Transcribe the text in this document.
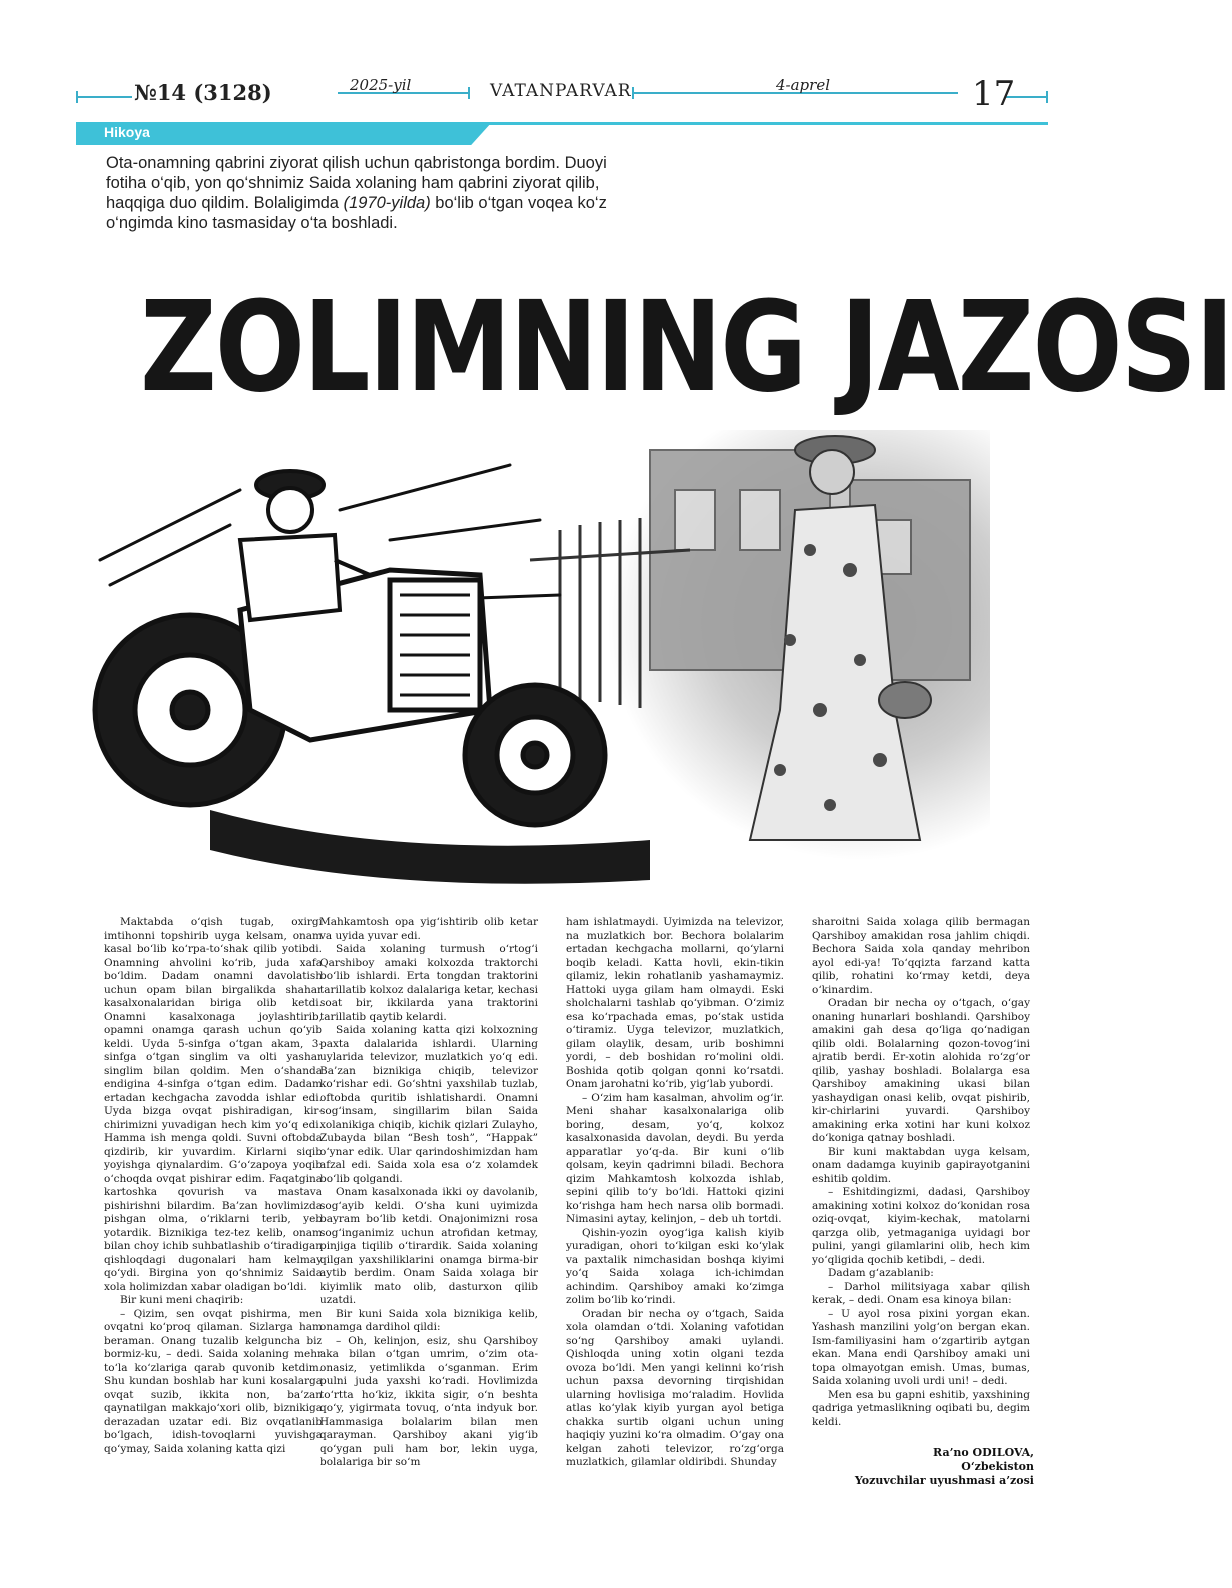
№14 (3128)	2025-yil	VATANPARVAR	4-aprel	17
Hikoya

Ota-onamning qabrini ziyorat qilish uchun qabristonga bordim. Duoyi fotiha o‘qib, yon qo‘shnimiz Saida xolaning ham qabrini ziyorat qilib, haqqiga duo qildim. Bolaligimda (1970-yilda) bo‘lib o‘tgan voqea ko‘z o‘ngimda kino tasmasiday o‘ta boshladi.

ZOLIMNING JAZOSI

Maktabda o‘qish tugab, oxirgi imtihonni topshirib uyga kelsam, onam kasal bo‘lib ko‘rpa-to‘shak qilib yotibdi. Onamning ahvolini ko‘rib, juda xafa bo‘ldim. Dadam onamni davolatish uchun opam bilan birgalikda shahar kasalxonalaridan biriga olib ketdi. Onamni kasalxonaga joylashtirib, opamni onamga qarash uchun qo‘yib keldi. Uyda 5-sinfga o‘tgan akam, 3-sinfga o‘tgan singlim va olti yashar singlim bilan qoldim. Men o‘shanda endigina 4-sinfga o‘tgan edim. Dadam ertadan kechgacha zavodda ishlar edi. Uyda bizga ovqat pishiradigan, kir-chirimizni yuvadigan hech kim yo‘q edi. Hamma ish menga qoldi. Suvni oftobda qizdirib, kir yuvardim. Kirlarni siqib yoyishga qiynalardim. G‘o‘zapoya yoqib o‘choqda ovqat pishirar edim. Faqatgina kartoshka qovurish va mastava pishirishni bilardim. Ba’zan hovlimizda pishgan olma, o‘riklarni terib, yeb yotardik. Biznikiga tez-tez kelib, onam bilan choy ichib suhbatlashib o‘tiradigan qishloqdagi dugonalari ham kelmay qo‘ydi. Birgina yon qo‘shnimiz Saida xola holimizdan xabar oladigan bo‘ldi.

Bir kuni meni chaqirib:

– Qizim, sen ovqat pishirma, men ovqatni ko‘proq qilaman. Sizlarga ham beraman. Onang tuzalib kelguncha biz bormiz-ku, – dedi. Saida xolaning mehr to‘la ko‘zlariga qarab quvonib ketdim. Shu kundan boshlab har kuni kosalarga ovqat suzib, ikkita non, ba’zan qaynatilgan makkajo‘xori olib, biznikiga derazadan uzatar edi. Biz ovqatlanib bo‘lgach, idish-tovoqlarni yuvishga qo‘ymay, Saida xolaning katta qizi

Mahkamtosh opa yig‘ishtirib olib ketar va uyida yuvar edi.

Saida xolaning turmush o‘rtog‘i Qarshiboy amaki kolxozda traktorchi bo‘lib ishlardi. Erta tongdan traktorini tarillatib kolxoz dalalariga ketar, kechasi soat bir, ikkilarda yana traktorini tarillatib qaytib kelardi.

Saida xolaning katta qizi kolxozning paxta dalalarida ishlardi. Ularning uylarida televizor, muzlatkich yo‘q edi. Ba’zan biznikiga chiqib, televizor ko‘rishar edi. Go‘shtni yaxshilab tuzlab, oftobda quritib ishlatishardi. Onamni sog‘insam, singillarim bilan Saida xolanikiga chiqib, kichik qizlari Zulayho, Zubayda bilan “Besh tosh”, “Happak” o‘ynar edik. Ular qarindoshimizdan ham afzal edi. Saida xola esa o‘z xolamdek bo‘lib qolgandi.

Onam kasalxonada ikki oy davolanib, sog‘ayib keldi. O‘sha kuni uyimizda bayram bo‘lib ketdi. Onajonimizni rosa sog‘inganimiz uchun atrofidan ketmay, pinjiga tiqilib o‘tirardik. Saida xolaning qilgan yaxshiliklarini onamga birma-bir aytib berdim. Onam Saida xolaga bir kiyimlik mato olib, dasturxon qilib uzatdi.

Bir kuni Saida xola biznikiga kelib, onamga dardihol qildi:

– Oh, kelinjon, esiz, shu Qarshiboy aka bilan o‘tgan umrim, o‘zim ota-onasiz, yetimlikda o‘sganman. Erim pulni juda yaxshi ko‘radi. Hovlimizda to‘rtta ho‘kiz, ikkita sigir, o‘n beshta qo‘y, yigirmata tovuq, o‘nta indyuk bor. Hammasiga bolalarim bilan men qarayman. Qarshiboy akani yig‘ib qo‘ygan puli ham bor, lekin uyga, bolalariga bir so‘m

ham ishlatmaydi. Uyimizda na televizor, na muzlatkich bor. Bechora bolalarim ertadan kechgacha mollarni, qo‘ylarni boqib keladi. Katta hovli, ekin-tikin qilamiz, lekin rohatlanib yashamaymiz. Hattoki uyga gilam ham olmaydi. Eski sholchalarni tashlab qo‘yibman. O‘zimiz esa ko‘rpachada emas, po‘stak ustida o‘tiramiz. Uyga televizor, muzlatkich, gilam olaylik, desam, urib boshimni yordi, – deb boshidan ro‘molini oldi. Boshida qotib qolgan qonni ko‘rsatdi. Onam jarohatni ko‘rib, yig‘lab yubordi.

– O‘zim ham kasalman, ahvolim og‘ir. Meni shahar kasalxonalariga olib boring, desam, yo‘q, kolxoz kasalxonasida davolan, deydi. Bu yerda apparatlar yo‘q-da. Bir kuni o‘lib qolsam, keyin qadrimni biladi. Bechora qizim Mahkamtosh kolxozda ishlab, sepini qilib to‘y bo‘ldi. Hattoki qizini ko‘rishga ham hech narsa olib bormadi. Nimasini aytay, kelinjon, – deb uh tortdi.

Qishin-yozin oyog‘iga kalish kiyib yuradigan, ohori to‘kilgan eski ko‘ylak va paxtalik nimchasidan boshqa kiyimi yo‘q Saida xolaga ich-ichimdan achindim. Qarshiboy amaki ko‘zimga zolim bo‘lib ko‘rindi.

Oradan bir necha oy o‘tgach, Saida xola olamdan o‘tdi. Xolaning vafotidan so‘ng Qarshiboy amaki uylandi. Qishloqda uning xotin olgani tezda ovoza bo‘ldi. Men yangi kelinni ko‘rish uchun paxsa devorning tirqishidan ularning hovlisiga mo‘raladim. Hovlida atlas ko‘ylak kiyib yurgan ayol betiga chakka surtib olgani uchun uning haqiqiy yuzini ko‘ra olmadim. O‘gay ona kelgan zahoti televizor, ro‘zg‘orga muzlatkich, gilamlar oldiribdi. Shunday

sharoitni Saida xolaga qilib bermagan Qarshiboy amakidan rosa jahlim chiqdi. Bechora Saida xola qanday mehribon ayol edi-ya! To‘qqizta farzand katta qilib, rohatini ko‘rmay ketdi, deya o‘kinardim.

Oradan bir necha oy o‘tgach, o‘gay onaning hunarlari boshlandi. Qarshiboy amakini gah desa qo‘liga qo‘nadigan qilib oldi. Bolalarning qozon-tovog‘ini ajratib berdi. Er-xotin alohida ro‘zg‘or qilib, yashay boshladi. Bolalarga esa Qarshiboy amakining ukasi bilan yashaydigan onasi kelib, ovqat pishirib, kir-chirlarini yuvardi. Qarshiboy amakining erka xotini har kuni kolxoz do‘koniga qatnay boshladi.

Bir kuni maktabdan uyga kelsam, onam dadamga kuyinib gapirayotganini eshitib qoldim.

– Eshitdingizmi, dadasi, Qarshiboy amakining xotini kolxoz do‘konidan rosa oziq-ovqat, kiyim-kechak, matolarni qarzga olib, yetmaganiga uyidagi bor pulini, yangi gilamlarini olib, hech kim yo‘qligida qochib ketibdi, – dedi.

Dadam g‘azablanib:

– Darhol militsiyaga xabar qilish kerak, – dedi. Onam esa kinoya bilan:

– U ayol rosa pixini yorgan ekan. Yashash manzilini yolg‘on bergan ekan. Ism-familiyasini ham o‘zgartirib aytgan ekan. Mana endi Qarshiboy amaki uni topa olmayotgan emish. Umas, bumas, Saida xolaning uvoli urdi uni! – dedi.

Men esa bu gapni eshitib, yaxshining qadriga yetmaslikning oqibati bu, degim keldi.

Ra’no ODILOVA,
O‘zbekiston
Yozuvchilar uyushmasi a’zosi
